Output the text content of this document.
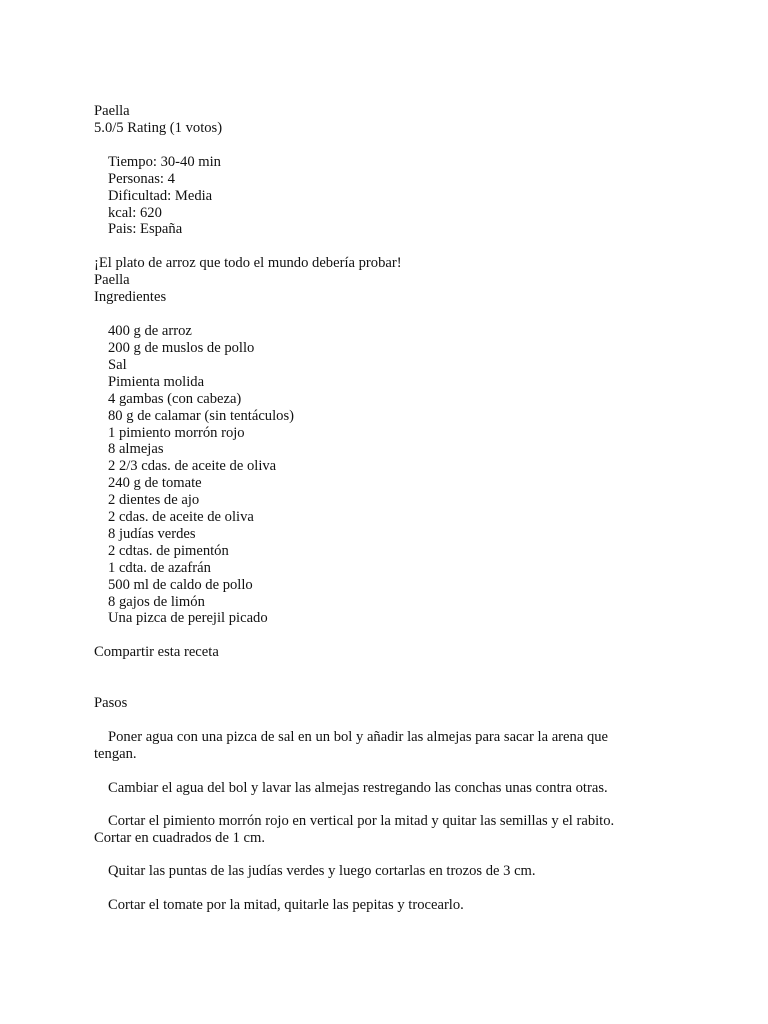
Paella

5.0/5 Rating (1 votos)

Tiempo: 30-40 min
Personas: 4
Dificultad: Media
kcal: 620
Pais: España

¡El plato de arroz que todo el mundo debería probar!

Paella

Ingredientes

400 g de arroz
200 g de muslos de pollo
Sal
Pimienta molida
4 gambas (con cabeza)
80 g de calamar (sin tentáculos)
1 pimiento morrón rojo
8 almejas
2 2/3 cdas. de aceite de oliva
240 g de tomate
2 dientes de ajo
2 cdas. de aceite de oliva
8 judías verdes
2 cdtas. de pimentón
1 cdta. de azafrán
500 ml de caldo de pollo
8 gajos de limón
Una pizca de perejil picado

Compartir esta receta

Pasos

Poner agua con una pizca de sal en un bol y añadir las almejas para sacar la arena que tengan.

Cambiar el agua del bol y lavar las almejas restregando las conchas unas contra otras.

Cortar el pimiento morrón rojo en vertical por la mitad y quitar las semillas y el rabito. Cortar en cuadrados de 1 cm.

Quitar las puntas de las judías verdes y luego cortarlas en trozos de 3 cm.

Cortar el tomate por la mitad, quitarle las pepitas y trocearlo.
